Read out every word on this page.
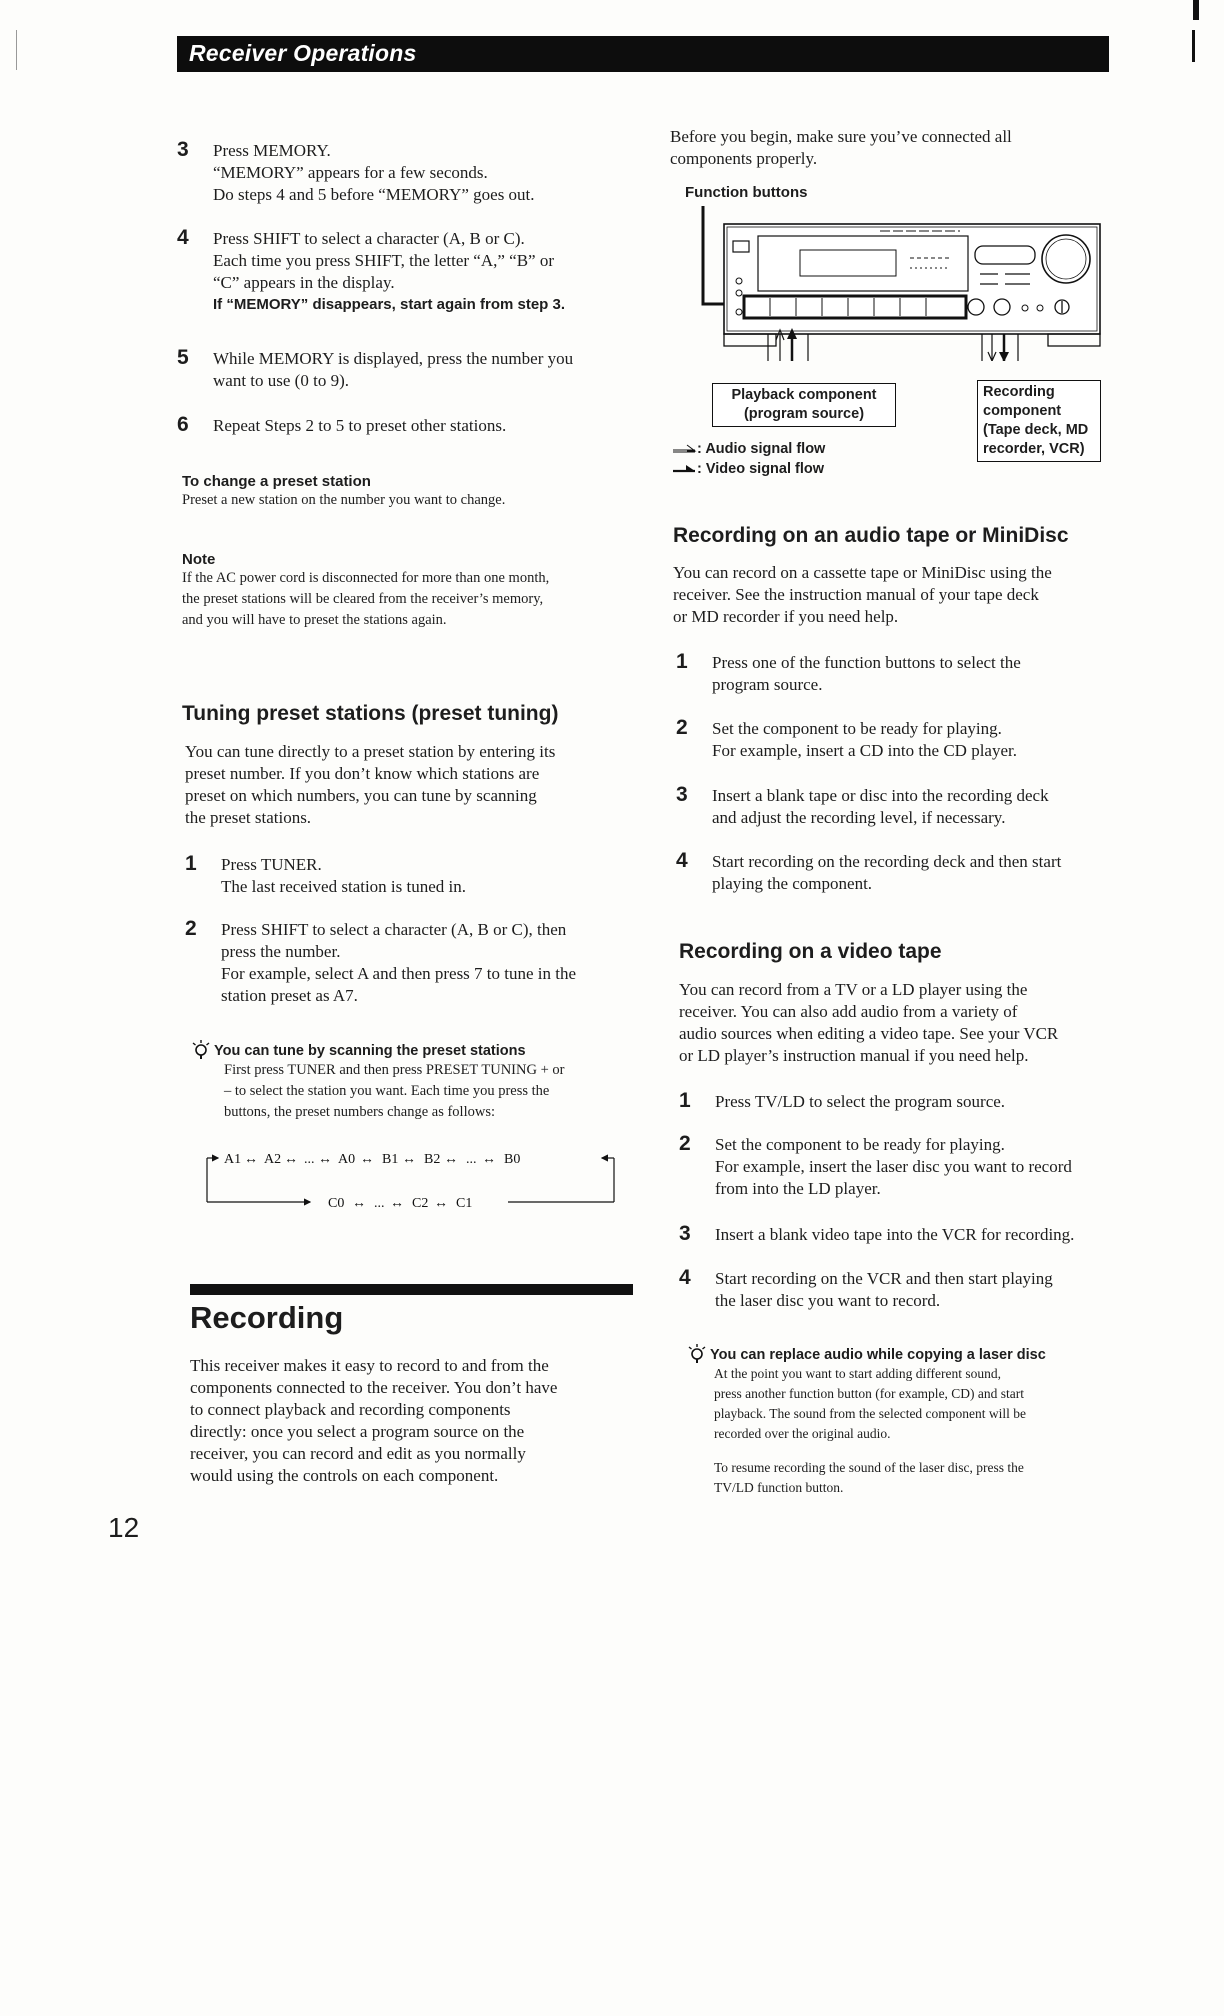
Receiver Operations
3	Press MEMORY.
“MEMORY” appears for a few seconds.
Do steps 4 and 5 before “MEMORY” goes out.
4	Press SHIFT to select a character (A, B or C).
Each time you press SHIFT, the letter “A,” “B” or
“C” appears in the display.
If “MEMORY” disappears, start again from step 3.
5	While MEMORY is displayed, press the number you
want to use (0 to 9).
6	Repeat Steps 2 to 5 to preset other stations.
To change a preset station
Preset a new station on the number you want to change.
Note
If the AC power cord is disconnected for more than one month,
the preset stations will be cleared from the receiver’s memory,
and you will have to preset the stations again.
Tuning preset stations (preset tuning)
You can tune directly to a preset station by entering its
preset number. If you don’t know which stations are
preset on which numbers, you can tune by scanning
the preset stations.
1	Press TUNER.
The last received station is tuned in.
2	Press SHIFT to select a character (A, B or C), then
press the number.
For example, select A and then press 7 to tune in the
station preset as A7.
You can tune by scanning the preset stations
First press TUNER and then press PRESET TUNING + or
– to select the station you want. Each time you press the
buttons, the preset numbers change as follows:
A1 ↔ A2 ↔ ... ↔ A0 ↔ B1 ↔ B2 ↔ ... ↔ B0
C0 ↔ ... ↔ C2 ↔ C1
Recording
This receiver makes it easy to record to and from the
components connected to the receiver. You don’t have
to connect playback and recording components
directly: once you select a program source on the
receiver, you can record and edit as you normally
would using the controls on each component.
12
Before you begin, make sure you’ve connected all
components properly.
Function buttons
Playback component
(program source)
Recording
component
(Tape deck, MD
recorder, VCR)
: Audio signal flow
: Video signal flow
Recording on an audio tape or MiniDisc
You can record on a cassette tape or MiniDisc using the
receiver. See the instruction manual of your tape deck
or MD recorder if you need help.
1	Press one of the function buttons to select the
program source.
2	Set the component to be ready for playing.
For example, insert a CD into the CD player.
3	Insert a blank tape or disc into the recording deck
and adjust the recording level, if necessary.
4	Start recording on the recording deck and then start
playing the component.
Recording on a video tape
You can record from a TV or a LD player using the
receiver. You can also add audio from a variety of
audio sources when editing a video tape. See your VCR
or LD player’s instruction manual if you need help.
1	Press TV/LD to select the program source.
2	Set the component to be ready for playing.
For example, insert the laser disc you want to record
from into the LD player.
3	Insert a blank video tape into the VCR for recording.
4	Start recording on the VCR and then start playing
the laser disc you want to record.
You can replace audio while copying a laser disc
At the point you want to start adding different sound,
press another function button (for example, CD) and start
playback. The sound from the selected component will be
recorded over the original audio.
To resume recording the sound of the laser disc, press the
TV/LD function button.
